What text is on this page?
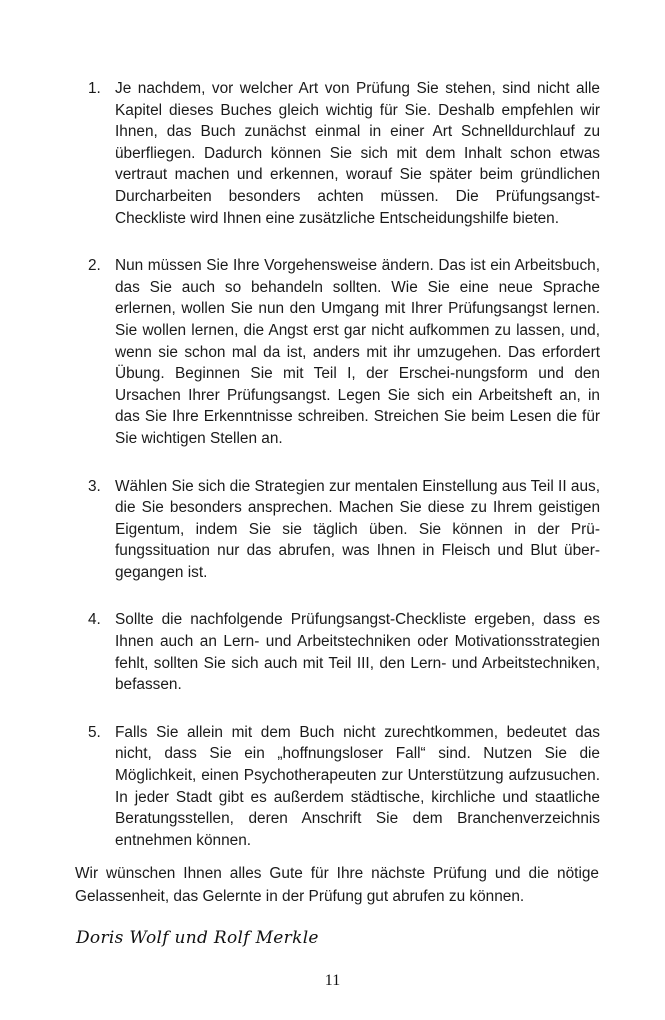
1. Je nachdem, vor welcher Art von Prüfung Sie stehen, sind nicht alle Kapitel dieses Buches gleich wichtig für Sie. Deshalb empfehlen wir Ihnen, das Buch zunächst einmal in einer Art Schnelldurchlauf zu überfliegen. Dadurch können Sie sich mit dem Inhalt schon etwas vertraut machen und erkennen, worauf Sie später beim gründlichen Durcharbeiten besonders achten müssen. Die Prüfungsangst-Checkliste wird Ihnen eine zusätzliche Entscheidungshilfe bieten.
2. Nun müssen Sie Ihre Vorgehensweise ändern. Das ist ein Arbeitsbuch, das Sie auch so behandeln sollten. Wie Sie eine neue Sprache erlernen, wollen Sie nun den Umgang mit Ihrer Prüfungsangst lernen. Sie wollen lernen, die Angst erst gar nicht aufkommen zu lassen, und, wenn sie schon mal da ist, anders mit ihr umzugehen. Das erfordert Übung. Beginnen Sie mit Teil I, der Erschei-nungsform und den Ursachen Ihrer Prüfungsangst. Legen Sie sich ein Arbeitsheft an, in das Sie Ihre Erkenntnisse schreiben. Streichen Sie beim Lesen die für Sie wichtigen Stellen an.
3. Wählen Sie sich die Strategien zur mentalen Einstellung aus Teil II aus, die Sie besonders ansprechen. Machen Sie diese zu Ihrem geistigen Eigentum, indem Sie sie täglich üben. Sie können in der Prüfungssituation nur das abrufen, was Ihnen in Fleisch und Blut übergegangen ist.
4. Sollte die nachfolgende Prüfungsangst-Checkliste ergeben, dass es Ihnen auch an Lern- und Arbeitstechniken oder Motivationsstrategien fehlt, sollten Sie sich auch mit Teil III, den Lern- und Arbeitstechniken, befassen.
5. Falls Sie allein mit dem Buch nicht zurechtkommen, bedeutet das nicht, dass Sie ein „hoffnungsloser Fall“ sind. Nutzen Sie die Möglichkeit, einen Psychotherapeuten zur Unterstützung aufzusuchen. In jeder Stadt gibt es außerdem städtische, kirchliche und staatliche Beratungsstellen, deren Anschrift Sie dem Branchenverzeichnis entnehmen können.

Wir wünschen Ihnen alles Gute für Ihre nächste Prüfung und die nötige Gelassenheit, das Gelernte in der Prüfung gut abrufen zu können.

Doris Wolf und Rolf Merkle
11
